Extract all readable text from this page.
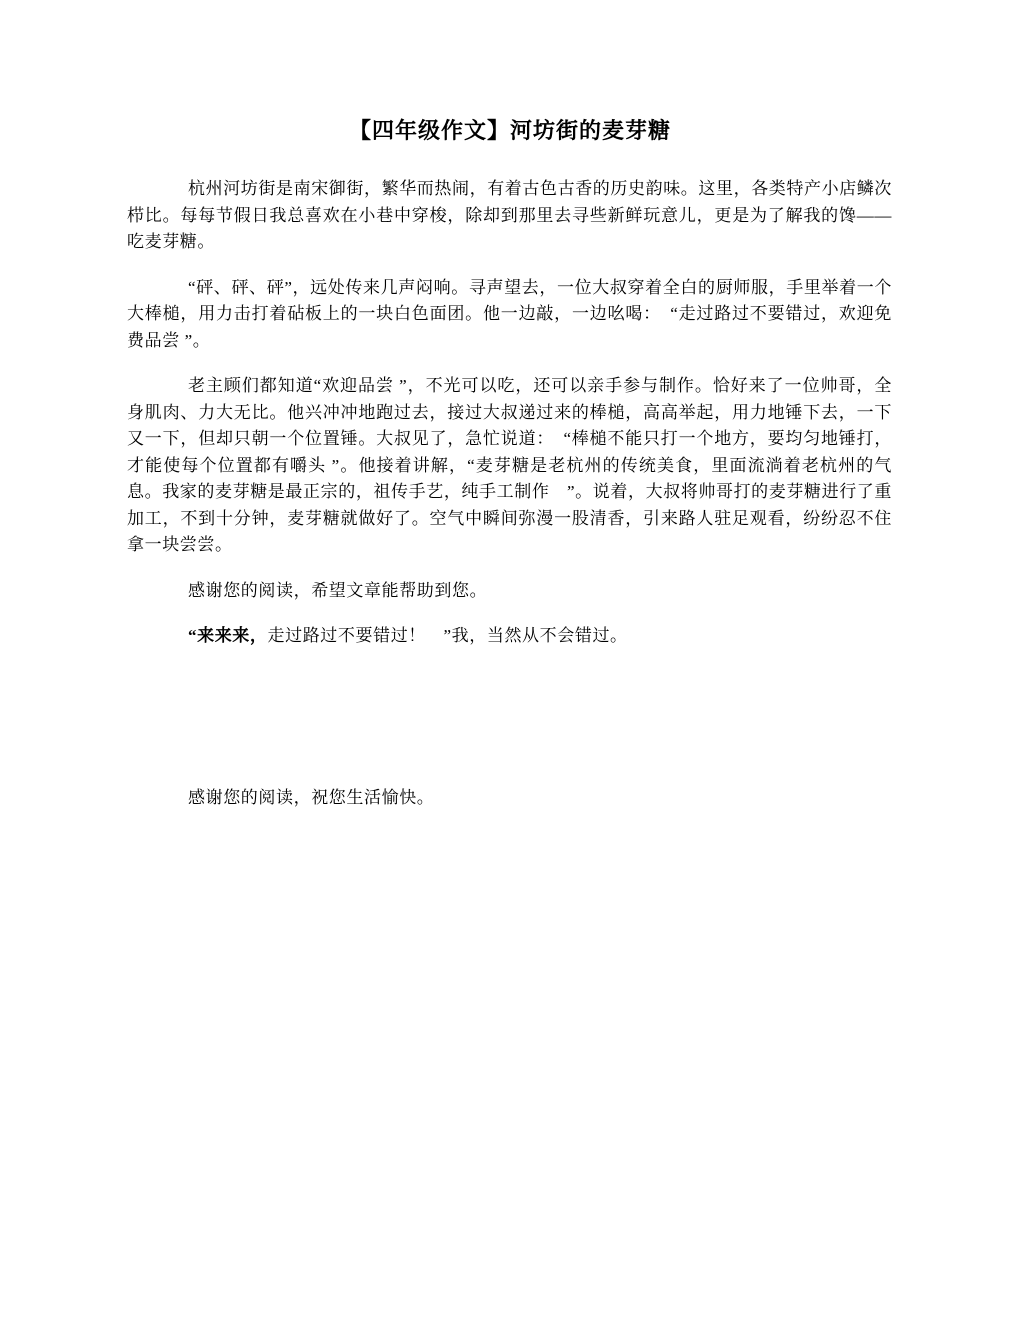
【四年级作文】河坊街的麦芽糖

杭州河坊街是南宋御街，繁华而热闹，有着古色古香的历史韵味。这里，各类特产小店鳞次栉比。每每节假日我总喜欢在小巷中穿梭，除却到那里去寻些新鲜玩意儿，更是为了解我的馋——吃麦芽糖。

“砰、砰、砰”，远处传来几声闷响。寻声望去，一位大叔穿着全白的厨师服，手里举着一个大棒槌，用力击打着砧板上的一块白色面团。他一边敲，一边吆喝：　“走过路过不要错过，欢迎免费品尝 ”。

老主顾们都知道“欢迎品尝 ”，不光可以吃，还可以亲手参与制作。恰好来了一位帅哥，全身肌肉、力大无比。他兴冲冲地跑过去，接过大叔递过来的棒槌，高高举起，用力地锤下去，一下又一下，但却只朝一个位置锤。大叔见了，急忙说道：　“棒槌不能只打一个地方，要均匀地锤打，才能使每个位置都有嚼头 ”。他接着讲解，“麦芽糖是老杭州的传统美食，里面流淌着老杭州的气息。我家的麦芽糖是最正宗的，祖传手艺，纯手工制作　”。说着，大叔将帅哥打的麦芽糖进行了重加工，不到十分钟，麦芽糖就做好了。空气中瞬间弥漫一股清香，引来路人驻足观看，纷纷忍不住拿一块尝尝。

感谢您的阅读，希望文章能帮助到您。

“来来来，走过路过不要错过！　”我，当然从不会错过。

感谢您的阅读，祝您生活愉快。
